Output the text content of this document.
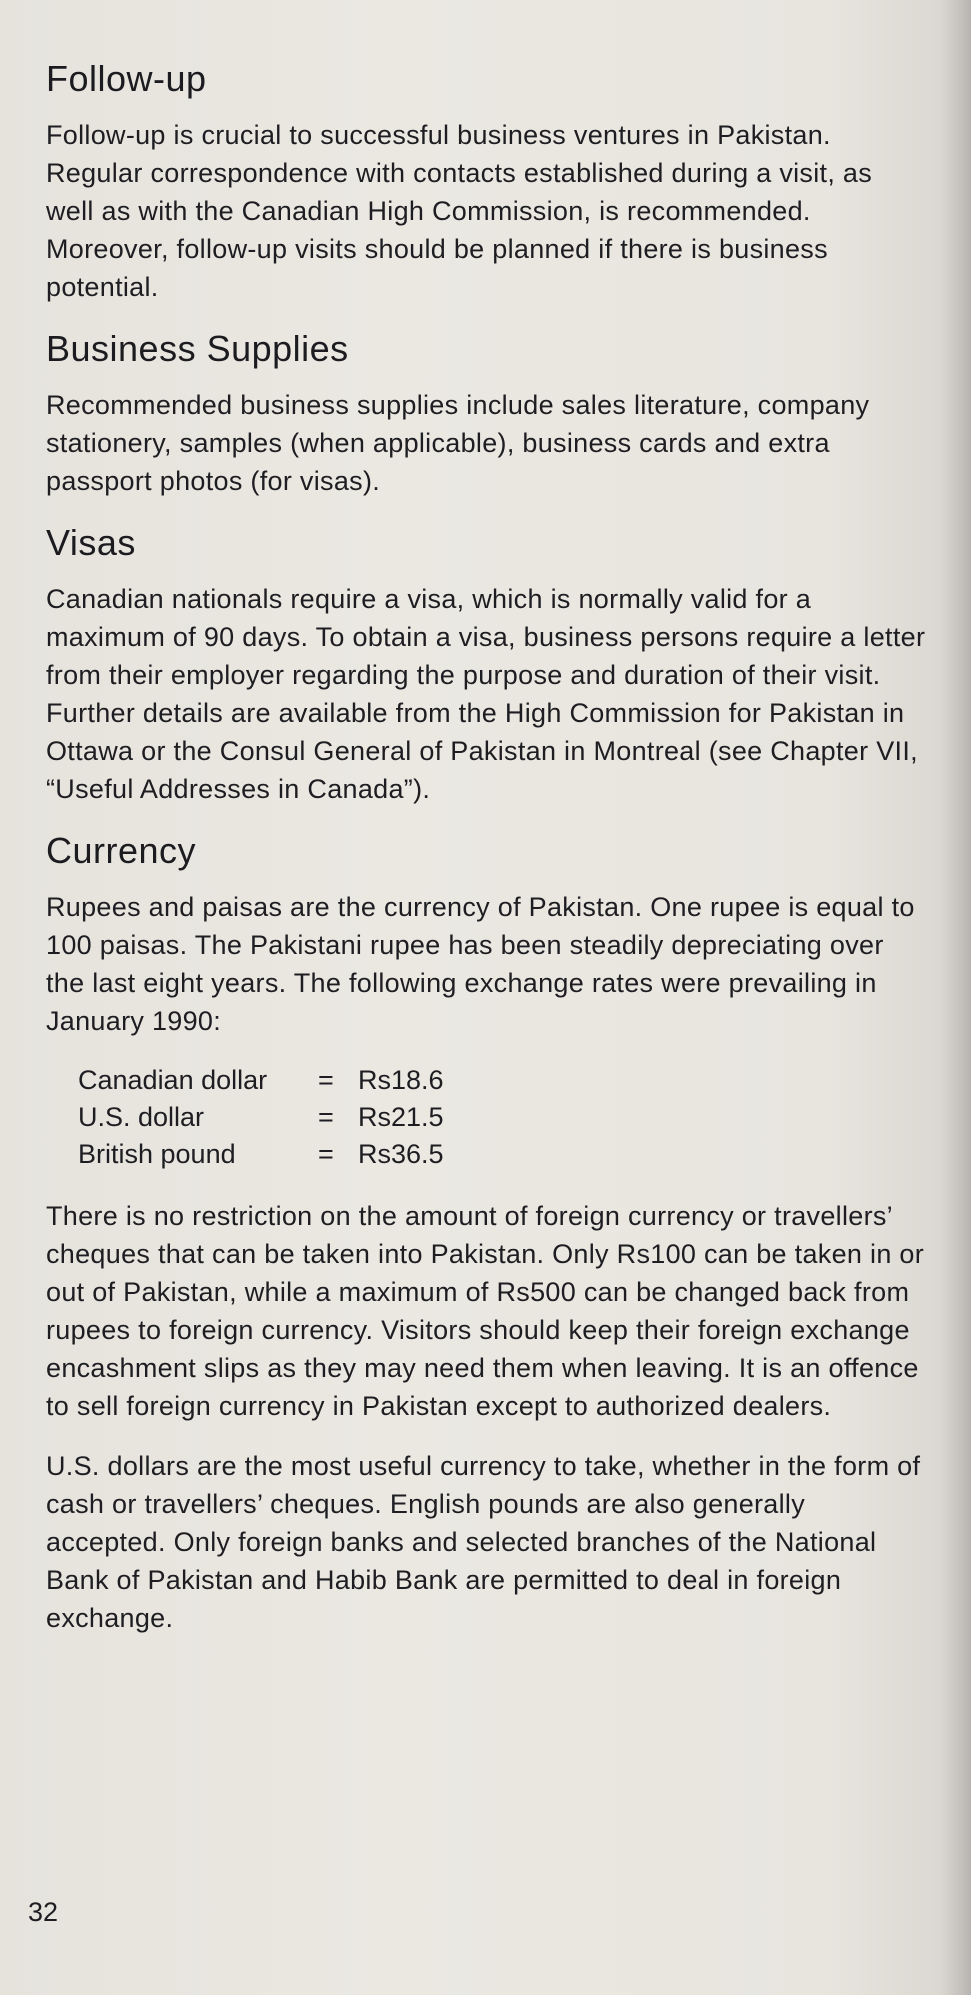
Follow-up

Follow-up is crucial to successful business ventures in Pakistan. Regular correspondence with contacts established during a visit, as well as with the Canadian High Commission, is recommended. Moreover, follow-up visits should be planned if there is business potential.

Business Supplies

Recommended business supplies include sales literature, company stationery, samples (when applicable), business cards and extra passport photos (for visas).

Visas

Canadian nationals require a visa, which is normally valid for a maximum of 90 days. To obtain a visa, business persons require a letter from their employer regarding the purpose and duration of their visit. Further details are available from the High Commission for Pakistan in Ottawa or the Consul General of Pakistan in Montreal (see Chapter VII, “Useful Addresses in Canada”).

Currency

Rupees and paisas are the currency of Pakistan. One rupee is equal to 100 paisas. The Pakistani rupee has been steadily depreciating over the last eight years. The following exchange rates were prevailing in January 1990:

Canadian dollar	= Rs18.6
U.S. dollar	= Rs21.5
British pound	= Rs36.5

There is no restriction on the amount of foreign currency or travellers’ cheques that can be taken into Pakistan. Only Rs100 can be taken in or out of Pakistan, while a maximum of Rs500 can be changed back from rupees to foreign currency. Visitors should keep their foreign exchange encashment slips as they may need them when leaving. It is an offence to sell foreign currency in Pakistan except to authorized dealers.

U.S. dollars are the most useful currency to take, whether in the form of cash or travellers’ cheques. English pounds are also generally accepted. Only foreign banks and selected branches of the National Bank of Pakistan and Habib Bank are permitted to deal in foreign exchange.

32
